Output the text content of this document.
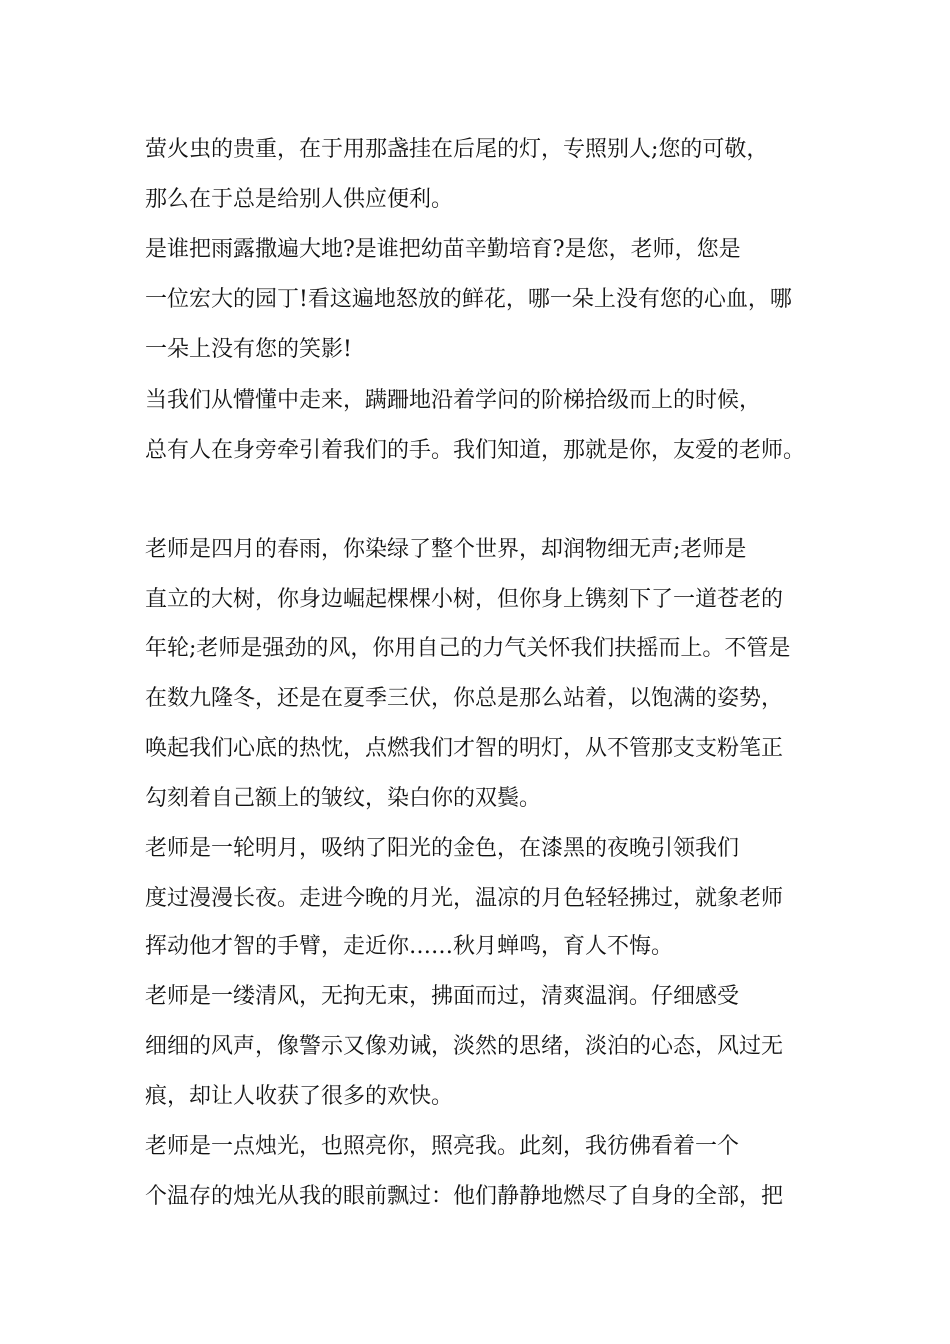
萤火虫的贵重，在于用那盏挂在后尾的灯，专照别人;您的可敬，

那么在于总是给别人供应便利。

是谁把雨露撒遍大地?是谁把幼苗辛勤培育?是您，老师，您是

一位宏大的园丁!看这遍地怒放的鲜花，哪一朵上没有您的心血，哪

一朵上没有您的笑影!

当我们从懵懂中走来，蹒跚地沿着学问的阶梯拾级而上的时候，

总有人在身旁牵引着我们的手。我们知道，那就是你，友爱的老师。

老师是四月的春雨，你染绿了整个世界，却润物细无声;老师是

直立的大树，你身边崛起棵棵小树，但你身上镌刻下了一道苍老的

年轮;老师是强劲的风，你用自己的力气关怀我们扶摇而上。不管是

在数九隆冬，还是在夏季三伏，你总是那么站着，以饱满的姿势，

唤起我们心底的热忱，点燃我们才智的明灯，从不管那支支粉笔正

勾刻着自己额上的皱纹，染白你的双鬓。

老师是一轮明月，吸纳了阳光的金色，在漆黑的夜晚引领我们

度过漫漫长夜。走进今晚的月光，温凉的月色轻轻拂过，就象老师

挥动他才智的手臂，走近你……秋月蝉鸣，育人不悔。

老师是一缕清风，无拘无束，拂面而过，清爽温润。仔细感受

细细的风声，像警示又像劝诫，淡然的思绪，淡泊的心态，风过无

痕，却让人收获了很多的欢快。

老师是一点烛光，也照亮你，照亮我。此刻，我彷佛看着一个

个温存的烛光从我的眼前飘过：他们静静地燃尽了自身的全部，把
